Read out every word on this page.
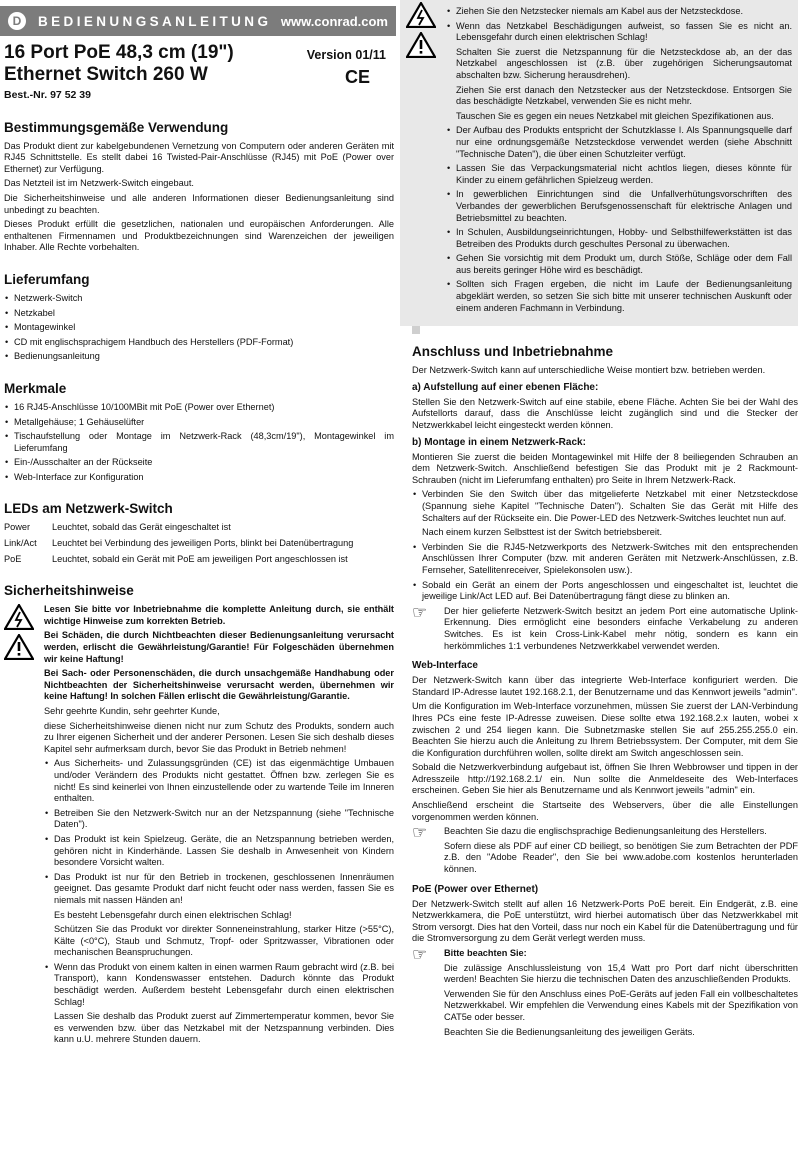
D	BEDIENUNGSANLEITUNG www.conrad.com
16 Port PoE 48,3 cm (19")
Ethernet Switch 260 W
Version 01/11
CE
Best.-Nr. 97 52 39
Bestimmungsgemäße Verwendung

Das Produkt dient zur kabelgebundenen Vernetzung von Computern oder anderen Geräten mit RJ45 Schnittstelle. Es stellt dabei 16 Twisted-Pair-Anschlüsse (RJ45) mit PoE (Power over Ethernet) zur Verfügung.

Das Netzteil ist im Netzwerk-Switch eingebaut.

Die Sicherheitshinweise und alle anderen Informationen dieser Bedienungsanleitung sind unbedingt zu beachten.

Dieses Produkt erfüllt die gesetzlichen, nationalen und europäischen Anforderungen. Alle enthaltenen Firmennamen und Produktbezeichnungen sind Warenzeichen der jeweiligen Inhaber. Alle Rechte vorbehalten.

Lieferumfang
• Netzwerk-Switch
• Netzkabel
• Montagewinkel
• CD mit englischsprachigem Handbuch des Herstellers (PDF-Format)
• Bedienungsanleitung
Merkmale
• 16 RJ45-Anschlüsse 10/100MBit mit PoE (Power over Ethernet)
• Metallgehäuse; 1 Gehäuselüfter
• Tischaufstellung oder Montage im Netzwerk-Rack (48,3cm/19"), Montagewinkel im Lieferumfang
• Ein-/Ausschalter an der Rückseite
• Web-Interface zur Konfiguration
LEDs am Netzwerk-Switch
Power	Leuchtet, sobald das Gerät eingeschaltet ist
Link/Act	Leuchtet bei Verbindung des jeweiligen Ports, blinkt bei Datenübertragung
PoE	Leuchtet, sobald ein Gerät mit PoE am jeweiligen Port angeschlossen ist
Sicherheitshinweise

Lesen Sie bitte vor Inbetriebnahme die komplette Anleitung durch, sie enthält wichtige Hinweise zum korrekten Betrieb.

Bei Schäden, die durch Nichtbeachten dieser Bedienungsanleitung verursacht werden, erlischt die Gewährleistung/Garantie! Für Folgeschäden übernehmen wir keine Haftung!

Bei Sach- oder Personenschäden, die durch unsachgemäße Handhabung oder Nichtbeachten der Sicherheitshinweise verursacht werden, übernehmen wir keine Haftung! In solchen Fällen erlischt die Gewährleistung/Garantie.

Sehr geehrte Kundin, sehr geehrter Kunde,

diese Sicherheitshinweise dienen nicht nur zum Schutz des Produkts, sondern auch zu Ihrer eigenen Sicherheit und der anderer Personen. Lesen Sie sich deshalb dieses Kapitel sehr aufmerksam durch, bevor Sie das Produkt in Betrieb nehmen!

• Aus Sicherheits- und Zulassungsgründen (CE) ist das eigenmächtige Umbauen und/oder Verändern des Produkts nicht gestattet. Öffnen bzw. zerlegen Sie es nicht! Es sind keinerlei von Ihnen einzustellende oder zu wartende Teile im Inneren enthalten.
• Betreiben Sie den Netzwerk-Switch nur an der Netzspannung (siehe "Technische Daten").
• Das Produkt ist kein Spielzeug. Geräte, die an Netzspannung betrieben werden, gehören nicht in Kinderhände. Lassen Sie deshalb in Anwesenheit von Kindern besondere Vorsicht walten.
• Das Produkt ist nur für den Betrieb in trockenen, geschlossenen Innenräumen geeignet. Das gesamte Produkt darf nicht feucht oder nass werden, fassen Sie es niemals mit nassen Händen an!

Es besteht Lebensgefahr durch einen elektrischen Schlag!

Schützen Sie das Produkt vor direkter Sonneneinstrahlung, starker Hitze (>55°C), Kälte (<0°C), Staub und Schmutz, Tropf- oder Spritzwasser, Vibrationen oder mechanischen Beanspruchungen.

• Wenn das Produkt von einem kalten in einen warmen Raum gebracht wird (z.B. bei Transport), kann Kondenswasser entstehen. Dadurch könnte das Produkt beschädigt werden. Außerdem besteht Lebensgefahr durch einen elektrischen Schlag!

Lassen Sie deshalb das Produkt zuerst auf Zimmertemperatur kommen, bevor Sie es verwenden bzw. über das Netzkabel mit der Netzspannung verbinden. Dies kann u.U. mehrere Stunden dauern.

• Ziehen Sie den Netzstecker niemals am Kabel aus der Netzsteckdose.
• Wenn das Netzkabel Beschädigungen aufweist, so fassen Sie es nicht an. Lebensgefahr durch einen elektrischen Schlag!

Schalten Sie zuerst die Netzspannung für die Netzsteckdose ab, an der das Netzkabel angeschlossen ist (z.B. über zugehörigen Sicherungsautomat abschalten bzw. Sicherung herausdrehen).

Ziehen Sie erst danach den Netzstecker aus der Netzsteckdose. Entsorgen Sie das beschädigte Netzkabel, verwenden Sie es nicht mehr.

Tauschen Sie es gegen ein neues Netzkabel mit gleichen Spezifikationen aus.

• Der Aufbau des Produkts entspricht der Schutzklasse I. Als Spannungsquelle darf nur eine ordnungsgemäße Netzsteckdose verwendet werden (siehe Abschnitt "Technische Daten"), die über einen Schutzleiter verfügt.
• Lassen Sie das Verpackungsmaterial nicht achtlos liegen, dieses könnte für Kinder zu einem gefährlichen Spielzeug werden.
• In gewerblichen Einrichtungen sind die Unfallverhütungsvorschriften des Verbandes der gewerblichen Berufsgenossenschaft für elektrische Anlagen und Betriebsmittel zu beachten.
• In Schulen, Ausbildungseinrichtungen, Hobby- und Selbsthilfewerkstätten ist das Betreiben des Produkts durch geschultes Personal zu überwachen.
• Gehen Sie vorsichtig mit dem Produkt um, durch Stöße, Schläge oder dem Fall aus bereits geringer Höhe wird es beschädigt.
• Sollten sich Fragen ergeben, die nicht im Laufe der Bedienungsanleitung abgeklärt werden, so setzen Sie sich bitte mit unserer technischen Auskunft oder einem anderen Fachmann in Verbindung.
Anschluss und Inbetriebnahme

Der Netzwerk-Switch kann auf unterschiedliche Weise montiert bzw. betrieben werden.

a) Aufstellung auf einer ebenen Fläche:

Stellen Sie den Netzwerk-Switch auf eine stabile, ebene Fläche. Achten Sie bei der Wahl des Aufstellorts darauf, dass die Anschlüsse leicht zugänglich sind und die Stecker der Netzwerkkabel leicht eingesteckt werden können.

b) Montage in einem Netzwerk-Rack:

Montieren Sie zuerst die beiden Montagewinkel mit Hilfe der 8 beiliegenden Schrauben an dem Netzwerk-Switch. Anschließend befestigen Sie das Produkt mit je 2 Rackmount-Schrauben (nicht im Lieferumfang enthalten) pro Seite in Ihrem Netzwerk-Rack.

• Verbinden Sie den Switch über das mitgelieferte Netzkabel mit einer Netzsteckdose (Spannung siehe Kapitel "Technische Daten"). Schalten Sie das Gerät mit Hilfe des Schalters auf der Rückseite ein. Die Power-LED des Netzwerk-Switches leuchtet nun auf.

Nach einem kurzen Selbsttest ist der Switch betriebsbereit.

• Verbinden Sie die RJ45-Netzwerkports des Netzwerk-Switches mit den entsprechenden Anschlüssen Ihrer Computer (bzw. mit anderen Geräten mit Netzwerk-Anschlüssen, z.B. Fernseher, Satellitenreceiver, Spielekonsolen usw.).
• Sobald ein Gerät an einem der Ports angeschlossen und eingeschaltet ist, leuchtet die jeweilige Link/Act LED auf. Bei Datenübertragung fängt diese zu blinken an.
☞	Der hier gelieferte Netzwerk-Switch besitzt an jedem Port eine automatische Uplink-Erkennung. Dies ermöglicht eine besonders einfache Verkabelung zu anderen Switches. Es ist kein Cross-Link-Kabel mehr nötig, sondern es kann ein herkömmliches 1:1 verbundenes Netzwerkkabel verwendet werden.

Web-Interface

Der Netzwerk-Switch kann über das integrierte Web-Interface konfiguriert werden. Die Standard IP-Adresse lautet 192.168.2.1, der Benutzername und das Kennwort jeweils "admin".

Um die Konfiguration im Web-Interface vorzunehmen, müssen Sie zuerst der LAN-Verbindung Ihres PCs eine feste IP-Adresse zuweisen. Diese sollte etwa 192.168.2.x lauten, wobei x zwischen 2 und 254 liegen kann. Die Subnetzmaske stellen Sie auf 255.255.255.0 ein. Beachten Sie hierzu auch die Anleitung zu Ihrem Betriebssystem. Der Computer, mit dem Sie die Konfiguration durchführen wollen, sollte direkt am Switch angeschlossen sein.

Sobald die Netzwerkverbindung aufgebaut ist, öffnen Sie Ihren Webbrowser und tippen in der Adresszeile http://192.168.2.1/ ein. Nun sollte die Anmeldeseite des Web-Interfaces erscheinen. Geben Sie hier als Benutzername und als Kennwort jeweils "admin" ein.

Anschließend erscheint die Startseite des Webservers, über die alle Einstellungen vorgenommen werden können.

☞	Beachten Sie dazu die englischsprachige Bedienungsanleitung des Herstellers.

Sofern diese als PDF auf einer CD beiliegt, so benötigen Sie zum Betrachten der PDF z.B. den "Adobe Reader", den Sie bei www.adobe.com kostenlos herunterladen können.

PoE (Power over Ethernet)

Der Netzwerk-Switch stellt auf allen 16 Netzwerk-Ports PoE bereit. Ein Endgerät, z.B. eine Netzwerkkamera, die PoE unterstützt, wird hierbei automatisch über das Netzwerkkabel mit Strom versorgt. Dies hat den Vorteil, dass nur noch ein Kabel für die Datenübertragung und für die Stromversorgung zu dem Gerät verlegt werden muss.

☞	Bitte beachten Sie:

Die zulässige Anschlussleistung von 15,4 Watt pro Port darf nicht überschritten werden! Beachten Sie hierzu die technischen Daten des anzuschließenden Produkts.

Verwenden Sie für den Anschluss eines PoE-Geräts auf jeden Fall ein vollbeschaltetes Netzwerkkabel. Wir empfehlen die Verwendung eines Kabels mit der Spezifikation von CAT5e oder besser.

Beachten Sie die Bedienungsanleitung des jeweiligen Geräts.
